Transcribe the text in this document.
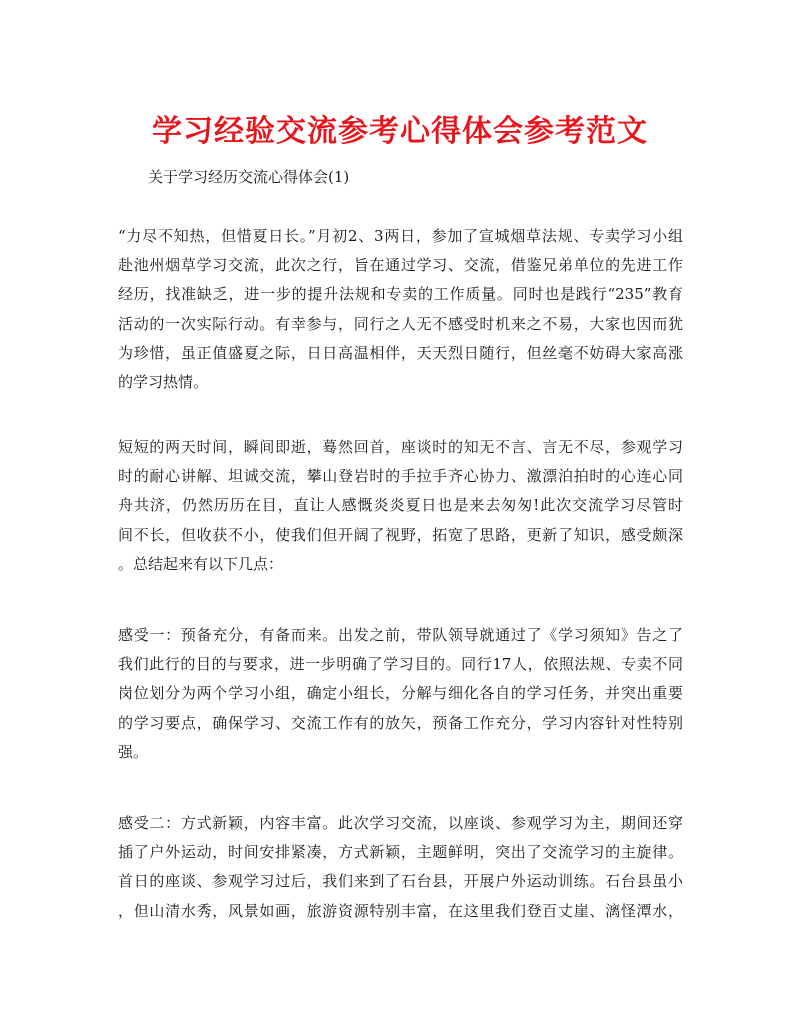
学习经验交流参考心得体会参考范文
关于学习经历交流心得体会(1)

“力尽不知热，但惜夏日长。”月初2、3两日，参加了宣城烟草法规、专卖学习小组
赴池州烟草学习交流，此次之行，旨在通过学习、交流，借鉴兄弟单位的先进工作
经历，找准缺乏，进一步的提升法规和专卖的工作质量。同时也是践行“235”教育
活动的一次实际行动。有幸参与，同行之人无不感受时机来之不易，大家也因而犹
为珍惜，虽正值盛夏之际，日日高温相伴，天天烈日随行，但丝毫不妨碍大家高涨
的学习热情。

短短的两天时间，瞬间即逝，蓦然回首，座谈时的知无不言、言无不尽，参观学习
时的耐心讲解、坦诚交流，攀山登岩时的手拉手齐心协力、激漂泊拍时的心连心同
舟共济，仍然历历在目，直让人感慨炎炎夏日也是来去匆匆!此次交流学习尽管时
间不长，但收获不小，使我们但开阔了视野，拓宽了思路，更新了知识，感受颇深
。总结起来有以下几点：

感受一：预备充分，有备而来。出发之前，带队领导就通过了《学习须知》告之了
我们此行的目的与要求，进一步明确了学习目的。同行17人，依照法规、专卖不同
岗位划分为两个学习小组，确定小组长，分解与细化各自的学习任务，并突出重要
的学习要点，确保学习、交流工作有的放矢，预备工作充分，学习内容针对性特别
强。

感受二：方式新颖，内容丰富。此次学习交流，以座谈、参观学习为主，期间还穿
插了户外运动，时间安排紧凑，方式新颖，主题鲜明，突出了交流学习的主旋律。
首日的座谈、参观学习过后，我们来到了石台县，开展户外运动训练。石台县虽小
，但山清水秀，风景如画，旅游资源特别丰富，在这里我们登百丈崖、漓怪潭水，
